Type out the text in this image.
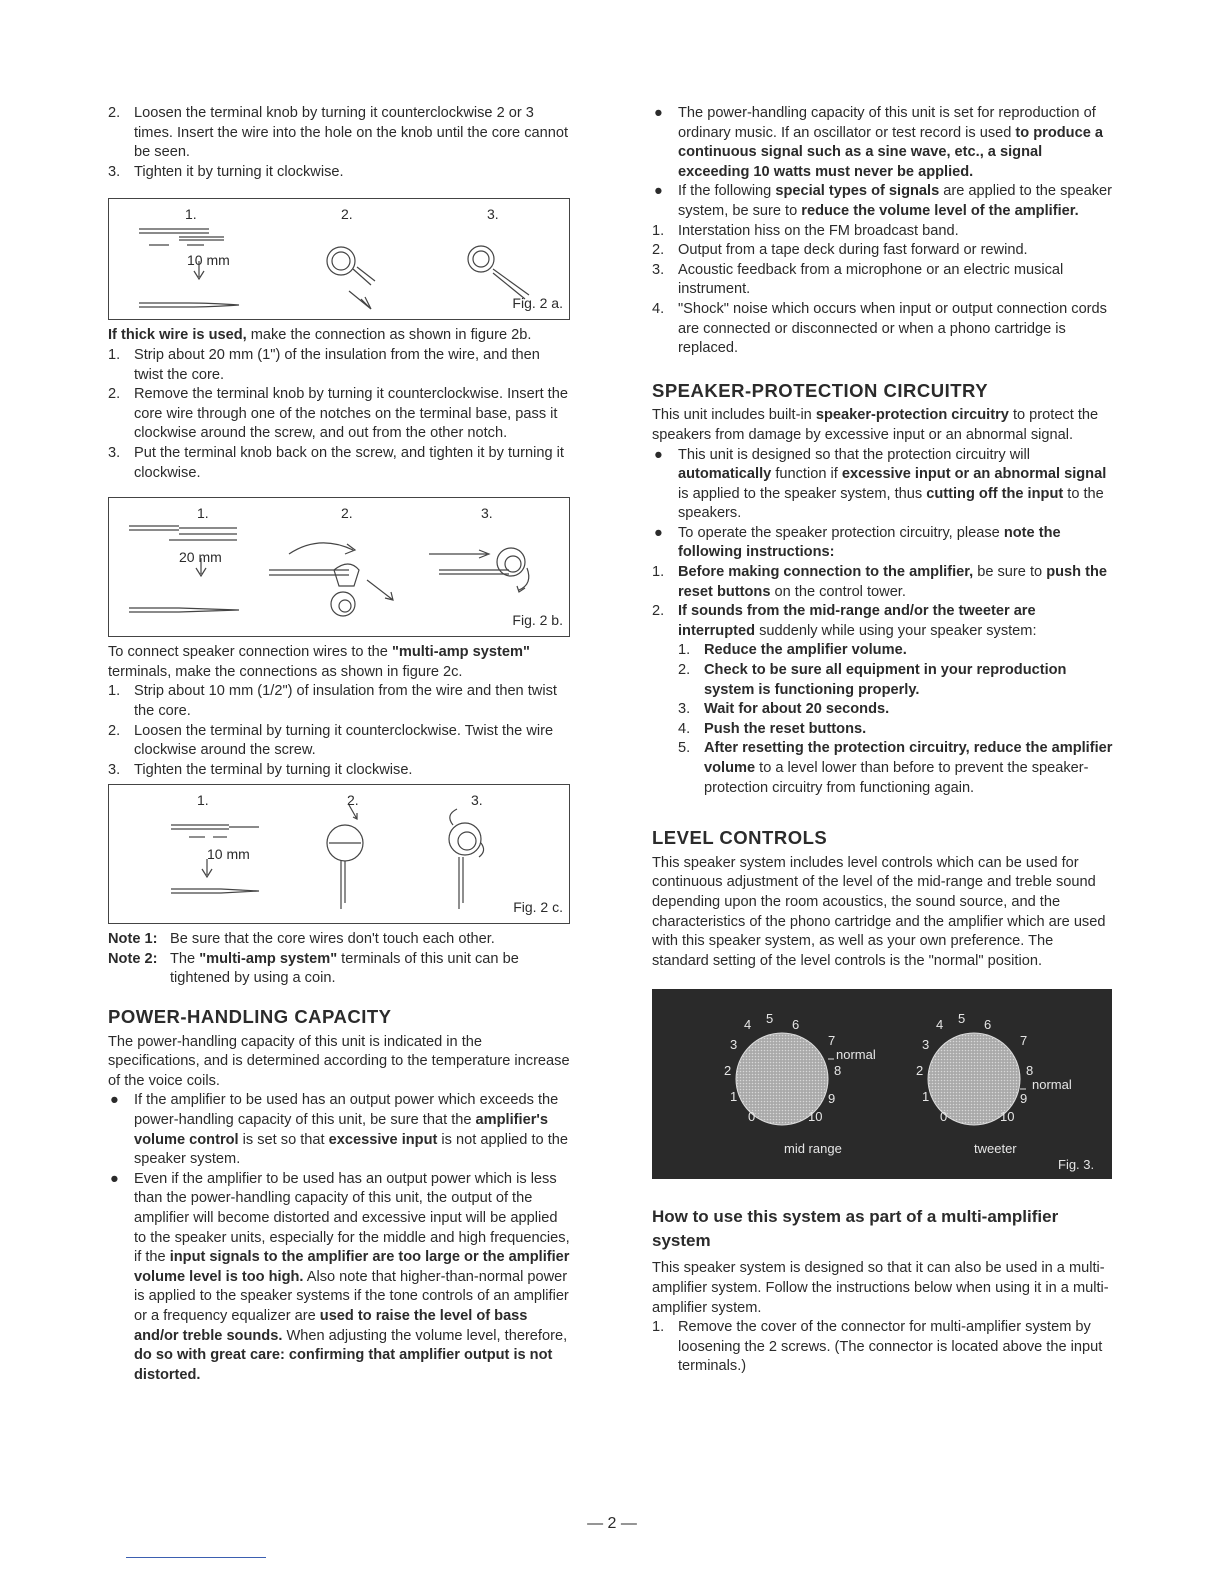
2. Loosen the terminal knob by turning it counterclockwise 2 or 3 times. Insert the wire into the hole on the knob until the core cannot be seen.
3. Tighten it by turning it clockwise.
1.	2.	3.
10 mm
Fig. 2 a.

If thick wire is used, make the connection as shown in figure 2b.

1. Strip about 20 mm (1") of the insulation from the wire, and then twist the core.
2. Remove the terminal knob by turning it counterclockwise. Insert the core wire through one of the notches on the terminal base, pass it clockwise around the screw, and out from the other notch.
3. Put the terminal knob back on the screw, and tighten it by turning it clockwise.
1.	2.	3.
20 mm
Fig. 2 b.

To connect speaker connection wires to the "multi-amp system" terminals, make the connections as shown in figure 2c.

1. Strip about 10 mm (1/2") of insulation from the wire and then twist the core.
2. Loosen the terminal by turning it counterclockwise. Twist the wire clockwise around the screw.
3. Tighten the terminal by turning it clockwise.
1.	2.	3.
10 mm
Fig. 2 c.
Note 1: Be sure that the core wires don't touch each other.
Note 2: The "multi-amp system" terminals of this unit can be tightened by using a coin.
POWER-HANDLING CAPACITY

The power-handling capacity of this unit is indicated in the specifications, and is determined according to the temperature increase of the voice coils.

●	If the amplifier to be used has an output power which exceeds the power-handling capacity of this unit, be sure that the amplifier's volume control is set so that excessive input is not applied to the speaker system.
●	Even if the amplifier to be used has an output power which is less than the power-handling capacity of this unit, the output of the amplifier will become distorted and excessive input will be applied to the speaker units, especially for the middle and high frequencies, if the input signals to the amplifier are too large or the amplifier volume level is too high. Also note that higher-than-normal power is applied to the speaker systems if the tone controls of an amplifier or a frequency equalizer are used to raise the level of bass and/or treble sounds. When adjusting the volume level, therefore, do so with great care: confirming that amplifier output is not distorted.
●	The power-handling capacity of this unit is set for reproduction of ordinary music. If an oscillator or test record is used to produce a continuous signal such as a sine wave, etc., a signal exceeding 10 watts must never be applied.
●	If the following special types of signals are applied to the speaker system, be sure to reduce the volume level of the amplifier.
1. Interstation hiss on the FM broadcast band.
2. Output from a tape deck during fast forward or rewind.
3. Acoustic feedback from a microphone or an electric musical instrument.
4. "Shock" noise which occurs when input or output connection cords are connected or disconnected or when a phono cartridge is replaced.
SPEAKER-PROTECTION CIRCUITRY

This unit includes built-in speaker-protection circuitry to protect the speakers from damage by excessive input or an abnormal signal.

●	This unit is designed so that the protection circuitry will automatically function if excessive input or an abnormal signal is applied to the speaker system, thus cutting off the input to the speakers.
●	To operate the speaker protection circuitry, please note the following instructions:
1. Before making connection to the amplifier, be sure to push the reset buttons on the control tower.
2. If sounds from the mid-range and/or the tweeter are interrupted suddenly while using your speaker system:
1. Reduce the amplifier volume.
2. Check to be sure all equipment in your reproduction system is functioning properly.
3. Wait for about 20 seconds.
4. Push the reset buttons.
5. After resetting the protection circuitry, reduce the amplifier volume to a level lower than before to prevent the speaker-protection circuitry from functioning again.
LEVEL CONTROLS

This speaker system includes level controls which can be used for continuous adjustment of the level of the mid-range and treble sound depending upon the room acoustics, the sound source, and the characteristics of the phono cartridge and the amplifier which are used with this speaker system, as well as your own preference. The standard setting of the level controls is the "normal" position.

4 5 6
3	7
2	8
1	9
0	10
normal
4 5 6
3	7
2	8
1	9
0	10
normal
mid range	tweeter
Fig. 3.
How to use this system as part of a multi-amplifier system

This speaker system is designed so that it can also be used in a multi-amplifier system. Follow the instructions below when using it in a multi-amplifier system.

1. Remove the cover of the connector for multi-amplifier system by loosening the 2 screws. (The connector is located above the input terminals.)
— 2 —
